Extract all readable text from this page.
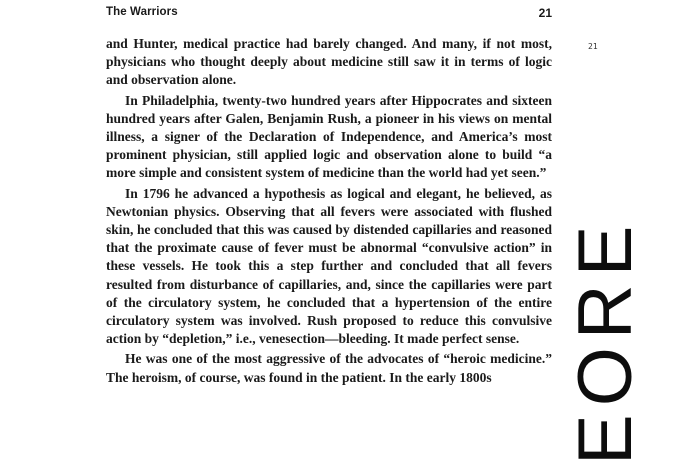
The Warriors	21

and Hunter, medical practice had barely changed. And many, if not most, physicians who thought deeply about medicine still saw it in terms of logic and observation alone.

In Philadelphia, twenty-two hundred years after Hippocrates and sixteen hundred years after Galen, Benjamin Rush, a pioneer in his views on mental illness, a signer of the Declaration of Independence, and America’s most prominent physician, still applied logic and observation alone to build “a more simple and consistent system of medicine than the world had yet seen.”

In 1796 he advanced a hypothesis as logical and elegant, he believed, as Newtonian physics. Observing that all fevers were associated with flushed skin, he concluded that this was caused by distended capillaries and reasoned that the proximate cause of fever must be abnormal “convulsive action” in these vessels. He took this a step further and concluded that all fevers resulted from disturbance of capillaries, and, since the capillaries were part of the circulatory system, he concluded that a hypertension of the entire circulatory system was involved. Rush proposed to reduce this convulsive action by “depletion,” i.e., venesection—bleeding. It made perfect sense.

He was one of the most aggressive of the advocates of “heroic medicine.” The heroism, of course, was found in the patient. In the early 1800s

21
EORE
